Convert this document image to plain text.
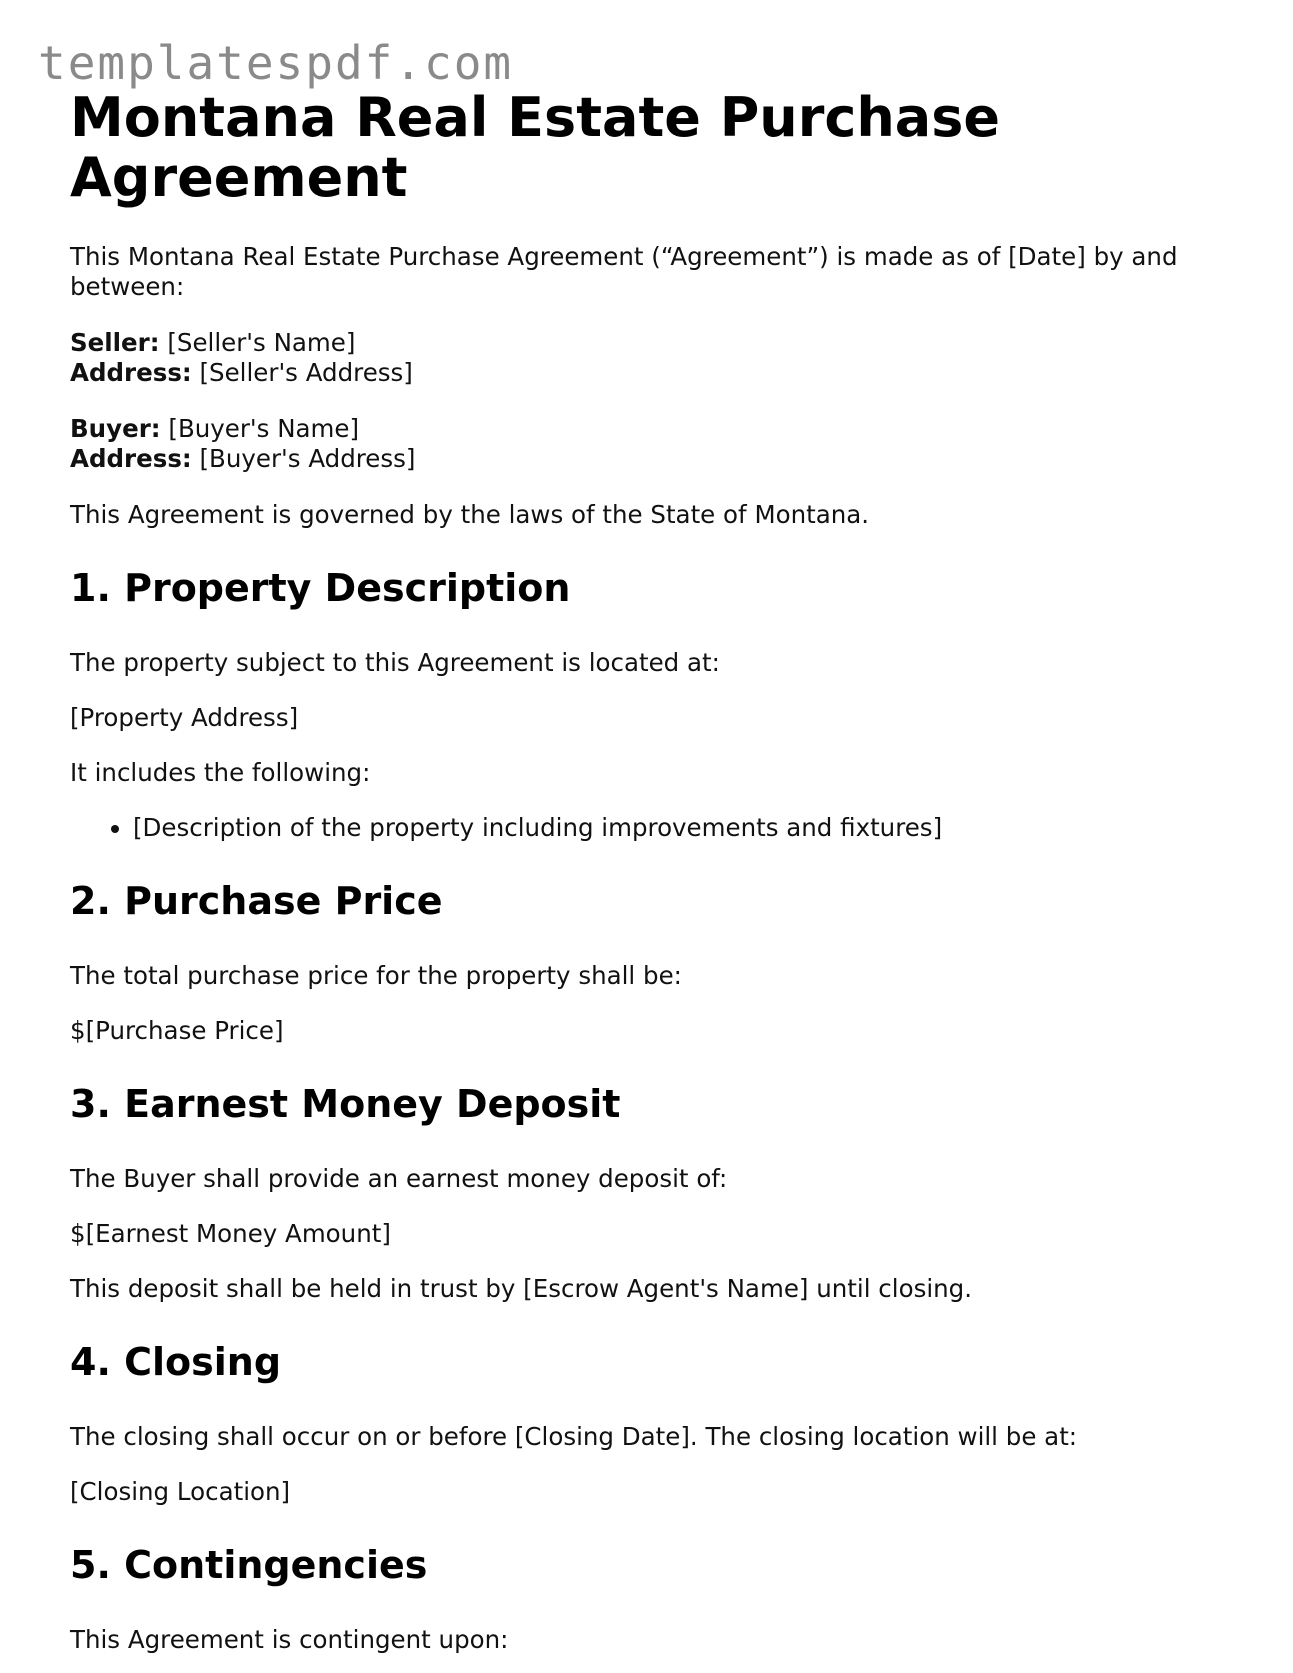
templatespdf.com
Montana Real Estate Purchase Agreement

This Montana Real Estate Purchase Agreement (“Agreement”) is made as of [Date] by and between:

Seller: [Seller's Name]

Address: [Seller's Address]

Buyer: [Buyer's Name]

Address: [Buyer's Address]

This Agreement is governed by the laws of the State of Montana.

1. Property Description

The property subject to this Agreement is located at:

[Property Address]

It includes the following:

• [Description of the property including improvements and fixtures]
2. Purchase Price

The total purchase price for the property shall be:

$[Purchase Price]

3. Earnest Money Deposit

The Buyer shall provide an earnest money deposit of:

$[Earnest Money Amount]

This deposit shall be held in trust by [Escrow Agent's Name] until closing.

4. Closing

The closing shall occur on or before [Closing Date]. The closing location will be at:

[Closing Location]

5. Contingencies

This Agreement is contingent upon:
